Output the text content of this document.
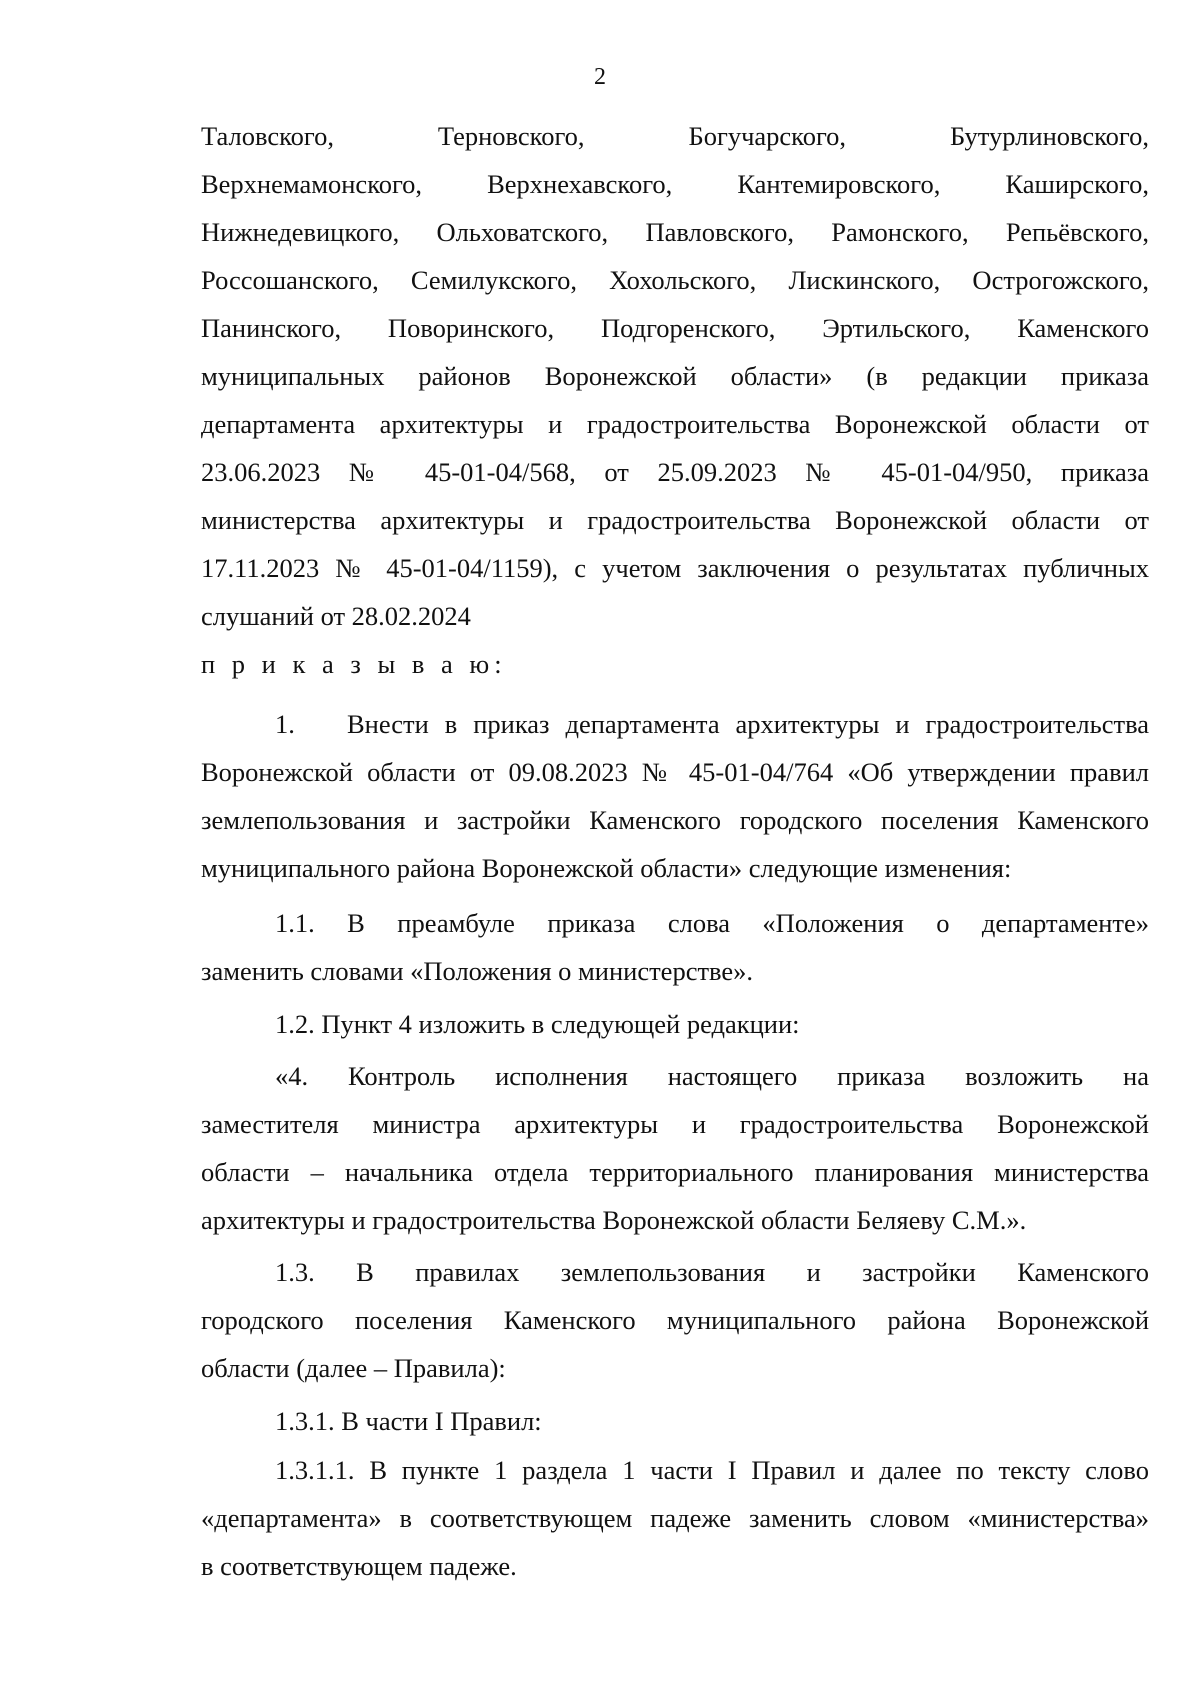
2
Таловского, Терновского, Богучарского, Бутурлиновского,
Верхнемамонского, Верхнехавского, Кантемировского, Каширского,
Нижнедевицкого, Ольховатского, Павловского, Рамонского, Репьёвского,
Россошанского, Семилукского, Хохольского, Лискинского, Острогожского,
Панинского, Поворинского, Подгоренского, Эртильского, Каменского
муниципальных районов Воронежской области» (в редакции приказа
департамента архитектуры и градостроительства Воронежской области от
23.06.2023 № 45-01-04/568, от 25.09.2023 № 45-01-04/950, приказа
министерства архитектуры и градостроительства Воронежской области от
17.11.2023 № 45-01-04/1159), с учетом заключения о результатах публичных
слушаний от 28.02.2024
п р и к а з ы в а ю:
1. Внести в приказ департамента архитектуры и градостроительства
Воронежской области от 09.08.2023 № 45-01-04/764 «Об утверждении правил
землепользования и застройки Каменского городского поселения Каменского
муниципального района Воронежской области» следующие изменения:
1.1. В преамбуле приказа слова «Положения о департаменте»
заменить словами «Положения о министерстве».
1.2. Пункт 4 изложить в следующей редакции:
«4. Контроль исполнения настоящего приказа возложить на
заместителя министра архитектуры и градостроительства Воронежской
области – начальника отдела территориального планирования министерства
архитектуры и градостроительства Воронежской области Беляеву С.М.».
1.3. В правилах землепользования и застройки Каменского
городского поселения Каменского муниципального района Воронежской
области (далее – Правила):
1.3.1. В части I Правил:
1.3.1.1. В пункте 1 раздела 1 части I Правил и далее по тексту слово
«департамента» в соответствующем падеже заменить словом «министерства»
в соответствующем падеже.
